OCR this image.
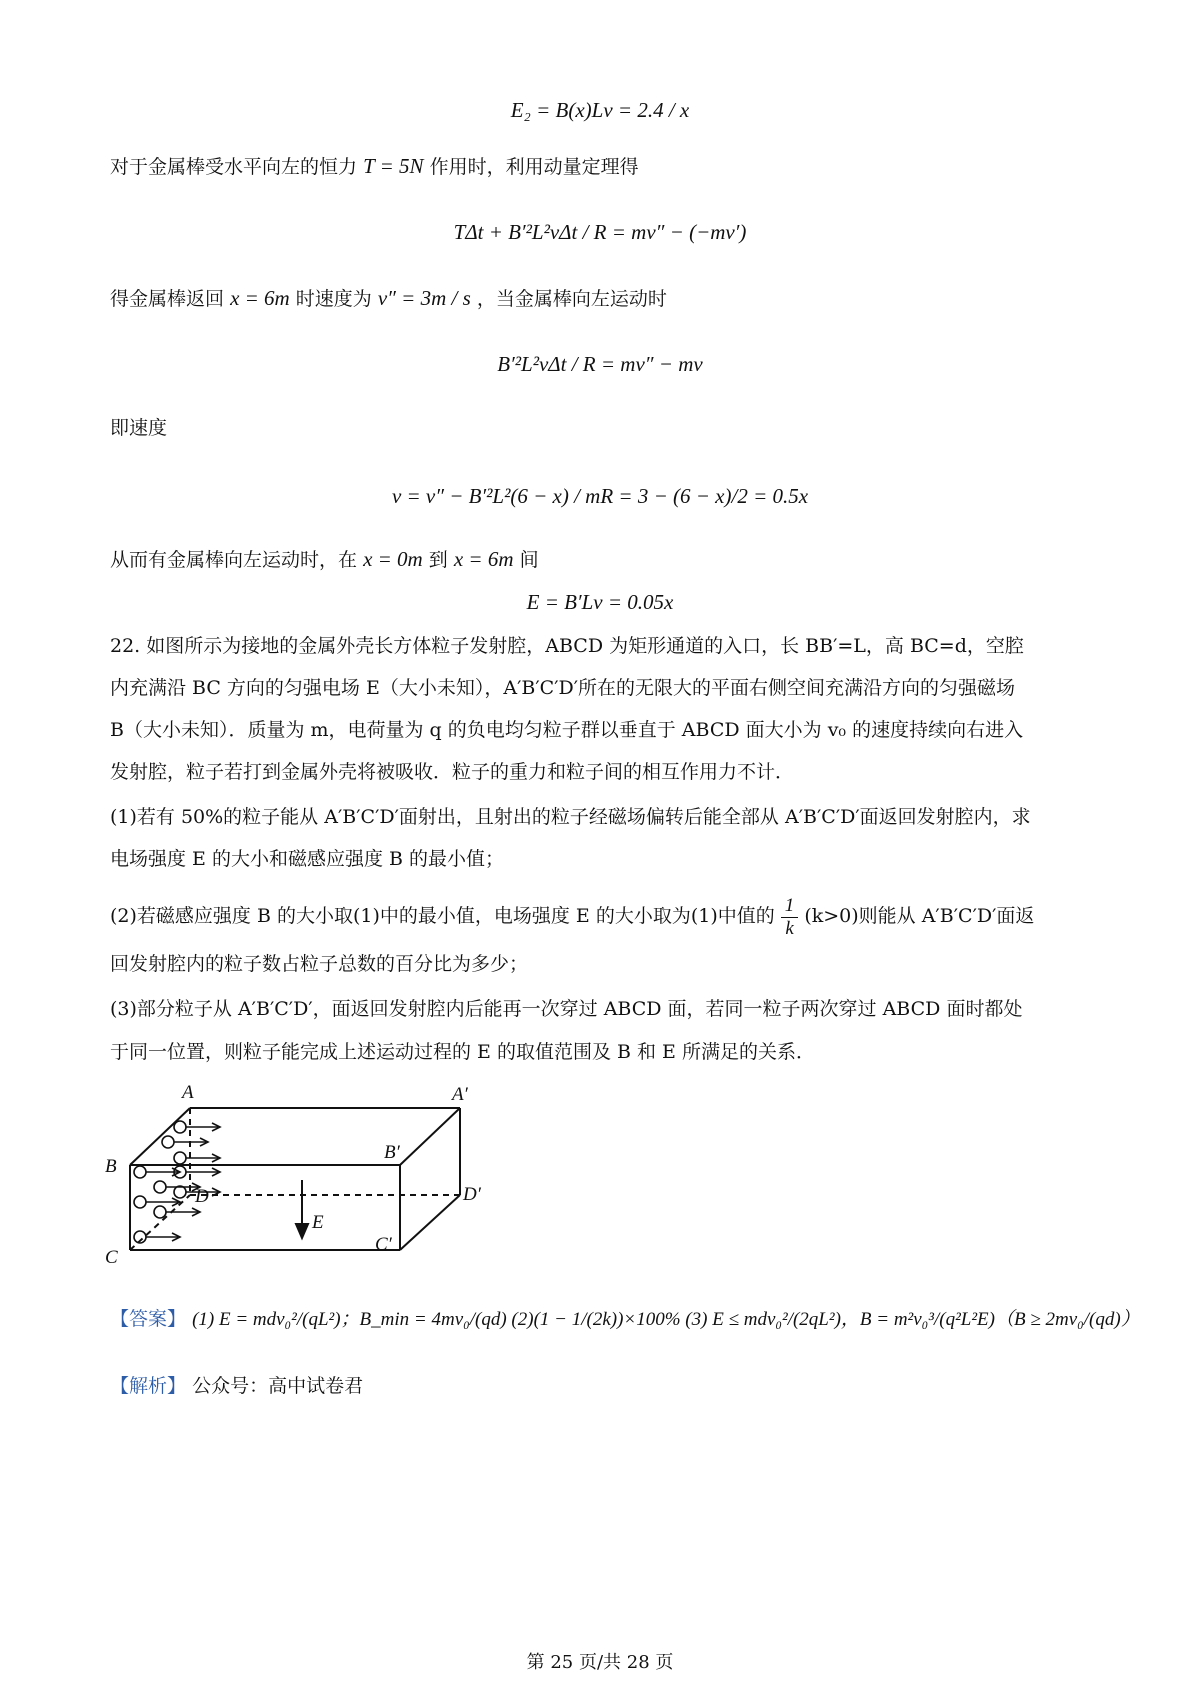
E₂ = B(x)Lv = 2.4 / x
对于金属棒受水平向左的恒力 T = 5N 作用时，利用动量定理得
TΔt + B′²L²vΔt / R = mv″ − (−mv′)
得金属棒返回 x = 6m 时速度为 v″ = 3m / s ，当金属棒向左运动时
B′²L²vΔt / R = mv″ − mv
即速度
v = v″ − B′²L²(6 − x) / mR = 3 − (6 − x)/2 = 0.5x
从而有金属棒向左运动时，在 x = 0m 到 x = 6m 间
E = B′Lv = 0.05x
22. 如图所示为接地的金属外壳长方体粒子发射腔，ABCD 为矩形通道的入口，长 BB′=L，高 BC=d，空腔
内充满沿 BC 方向的匀强电场 E（大小未知），A′B′C′D′所在的无限大的平面右侧空间充满沿方向的匀强磁场
B（大小未知）．质量为 m，电荷量为 q 的负电均匀粒子群以垂直于 ABCD 面大小为 v₀ 的速度持续向右进入
发射腔，粒子若打到金属外壳将被吸收．粒子的重力和粒子间的相互作用力不计．
(1)若有 50%的粒子能从 A′B′C′D′面射出，且射出的粒子经磁场偏转后能全部从 A′B′C′D′面返回发射腔内，求
电场强度 E 的大小和磁感应强度 B 的最小值；
(2)若磁感应强度 B 的大小取(1)中的最小值，电场强度 E 的大小取为(1)中值的 $\frac{1}{k} (k>0)$则能从 A′B′C′D′面返
回发射腔内的粒子数占粒子总数的百分比为多少；
(3)部分粒子从 A′B′C′D′，面返回发射腔内后能再一次穿过 ABCD 面，若同一粒子两次穿过 ABCD 面时都处
于同一位置，则粒子能完成上述运动过程的 E 的取值范围及 B 和 E 所满足的关系．
A	A′
B
B′
C
C′
D	D′
E
【答案】 (1) E = mdv₀²/(qL²)；B_min = 4mv₀/(qd) (2)(1 − 1/(2k))×100% (3) E ≤ mdv₀²/(2qL²)，B = m²v₀³/(q²L²E)（B ≥ 2mv₀/(qd)）
【解析】 公众号：高中试卷君
第 25 页/共 28 页
